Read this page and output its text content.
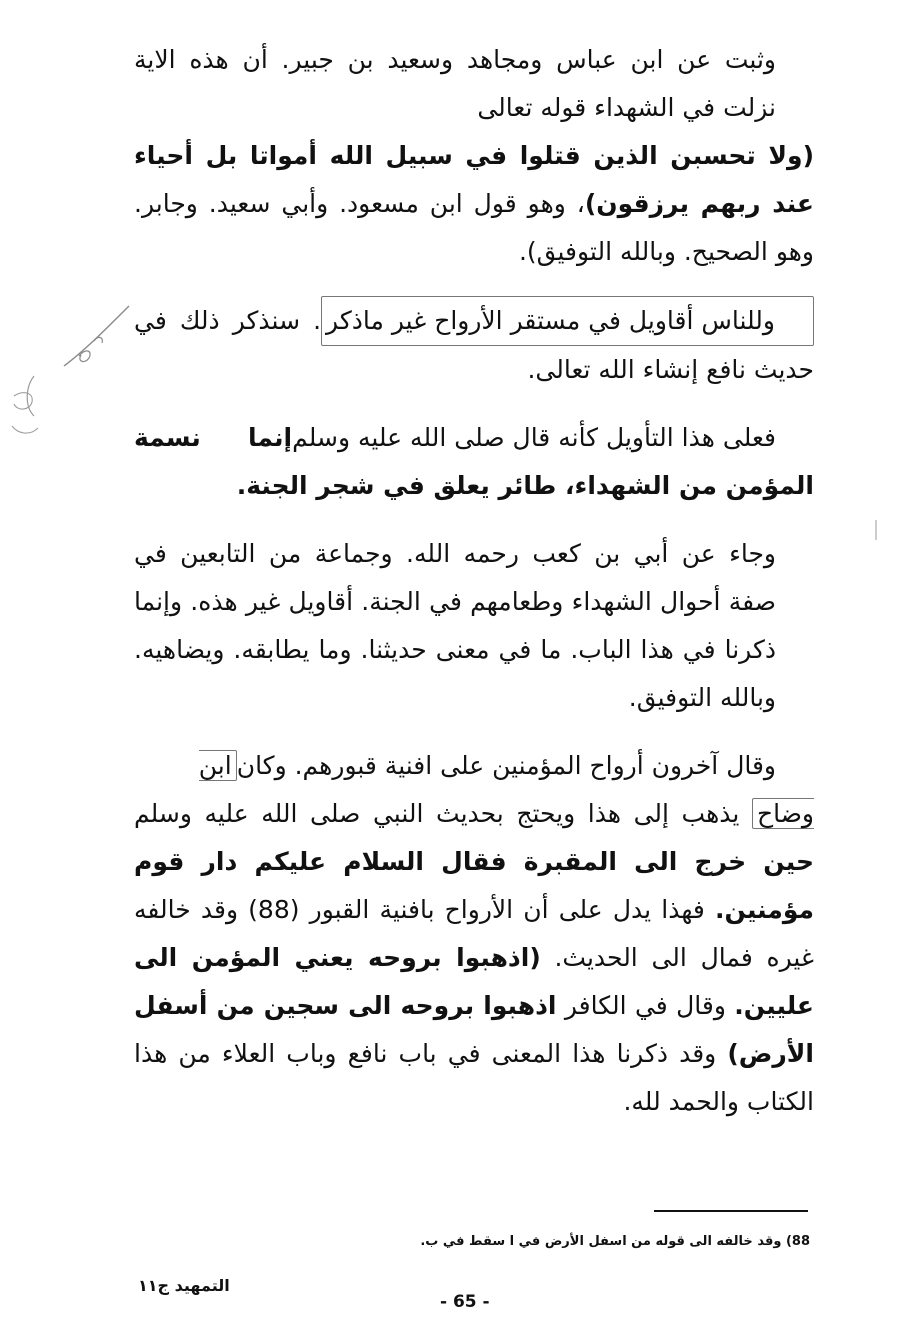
وثبت عن ابن عباس ومجاهد وسعيد بن جبير. أن هذه الاية نزلت في الشهداء قوله تعالى(ولا تحسبن الذين قتلوا في سبيل الله أمواتا بل أحياء عند ربهم يرزقون)، وهو قول ابن مسعود. وأبي سعيد. وجابر. وهو الصحيح. وبالله التوفيق).

وللناس أقاويل في مستقر الأرواح غير ماذكر. سنذكر ذلك في حديث نافع إنشاء الله تعالى.

فعلى هذا التأويل كأنه قال صلى الله عليه وسلمإنما نسمة المؤمن من الشهداء، طائر يعلق في شجر الجنة.

وجاء عن أبي بن كعب رحمه الله. وجماعة من التابعين في صفة أحوال الشهداء وطعامهم في الجنة. أقاويل غير هذه. وإنما ذكرنا في هذا الباب. ما في معنى حديثنا. وما يطابقه. ويضاهيه. وبالله التوفيق.

وقال آخرون أرواح المؤمنين على افنية قبورهم. وكانابن وضاح يذهب إلى هذا ويحتج بحديث النبي صلى الله عليه وسلم حين خرج الى المقبرة فقال السلام عليكم دار قوم مؤمنين. فهذا يدل على أن الأرواح بافنية القبور (88) وقد خالفه غيره فمال الى الحديث. (اذهبوا بروحه يعني المؤمن الى عليين. وقال في الكافر اذهبوا بروحه الى سجين من أسفل الأرض) وقد ذكرنا هذا المعنى في باب نافع وباب العلاء من هذا الكتاب والحمد لله.

88) وقد خالفه الى قوله من اسفل الأرض في ا سقط في ب.
التمهيد ج١١
- 65 -
